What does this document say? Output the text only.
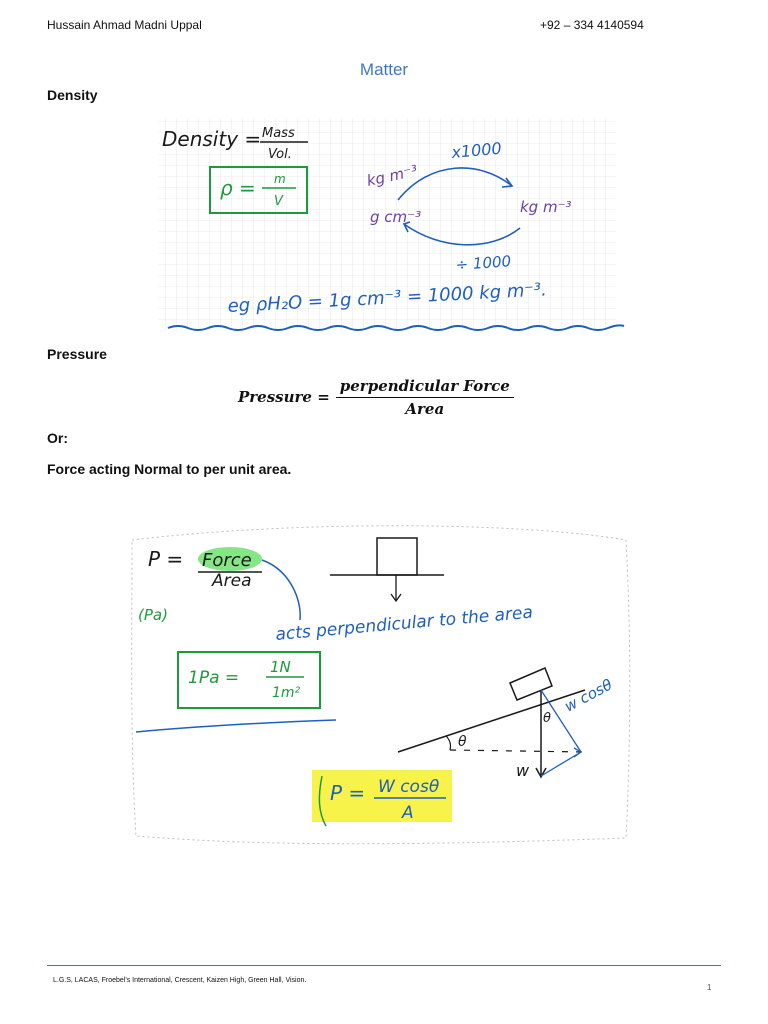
Hussain Ahmad Madni Uppal	+92 – 334 4140594
Matter
Density
Density = Mass
Vol.
ρ = m
V
kg m⁻³
x1000
g cm⁻³
kg m⁻³
÷ 1000
eg ρH₂O = 1g cm⁻³ = 1000 kg m⁻³.
Pressure
Pressure = $\frac{\text{perpendicular Force}}{\text{Area}}$
Or:
Force acting Normal to per unit area.
P = Force
Area
(Pa)	acts perpendicular to the area
1Pa =
1N
1m²
θ
θ
w cosθ
w
P = W cosθ
A
L.G.S, LACAS, Froebel's International, Crescent, Kaizen High, Green Hall, Vision.
1
